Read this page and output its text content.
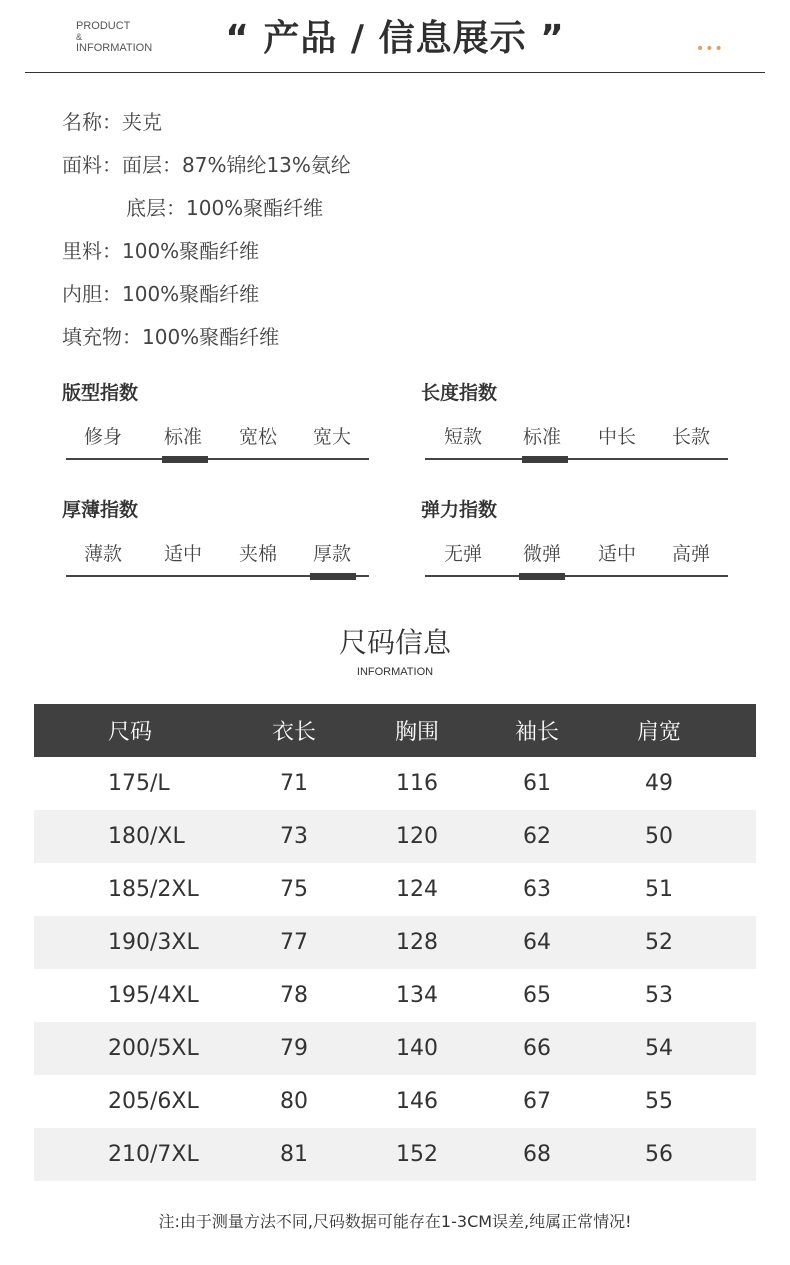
PRODUCT
&
INFORMATION	“ 产品 / 信息展示 ”	•••
名称：夹克
面料：面层：87%锦纶13%氨纶
底层：100%聚酯纤维
里料：100%聚酯纤维
内胆：100%聚酯纤维
填充物：100%聚酯纤维
版型指数
修身	标准	宽松	宽大
长度指数
短款	标准	中长	长款
厚薄指数
薄款	适中	夹棉	厚款
弹力指数
无弹	微弹	适中	高弹
尺码信息
INFORMATION
尺码	衣长	胸围	袖长	肩宽
175/L	71	116	61	49
180/XL	73	120	62	50
185/2XL	75	124	63	51
190/3XL	77	128	64	52
195/4XL	78	134	65	53
200/5XL	79	140	66	54
205/6XL	80	146	67	55
210/7XL	81	152	68	56
注:由于测量方法不同,尺码数据可能存在1-3CM误差,纯属正常情况!
